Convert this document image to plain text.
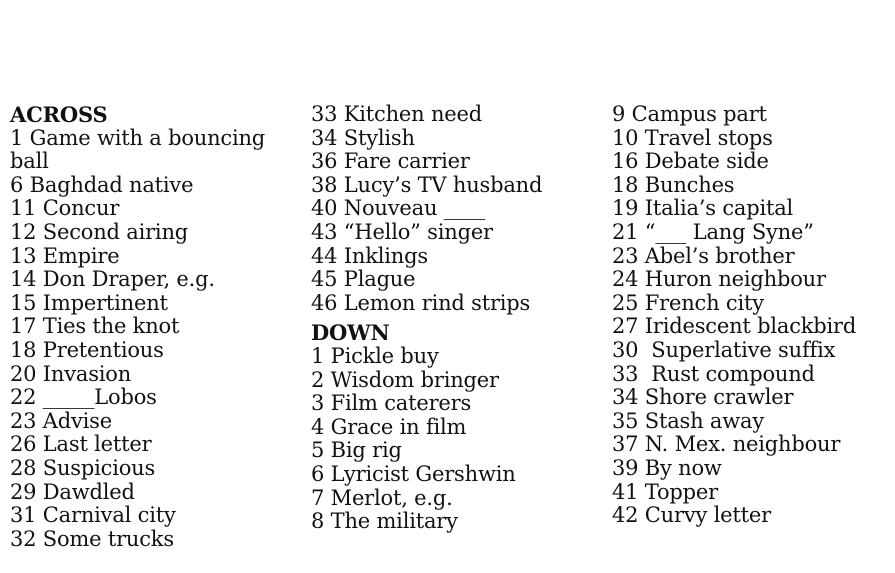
ACROSS
1 Game with a bouncing ball
6 Baghdad native
11 Concur
12 Second airing
13 Empire
14 Don Draper, e.g.
15 Impertinent
17 Ties the knot
18 Pretentious
20 Invasion
22 _____Lobos
23 Advise
26 Last letter
28 Suspicious
29 Dawdled
31 Carnival city
32 Some trucks
33 Kitchen need
34 Stylish
36 Fare carrier
38 Lucy’s TV husband
40 Nouveau ____
43 “Hello” singer
44 Inklings
45 Plague
46 Lemon rind strips
DOWN
1 Pickle buy
2 Wisdom bringer
3 Film caterers
4 Grace in film
5 Big rig
6 Lyricist Gershwin
7 Merlot, e.g.
8 The military
9 Campus part
10 Travel stops
16 Debate side
18 Bunches
19 Italia’s capital
21 “___ Lang Syne”
23 Abel’s brother
24 Huron neighbour
25 French city
27 Iridescent blackbird
30  Superlative suffix
33  Rust compound
34 Shore crawler
35 Stash away
37 N. Mex. neighbour
39 By now
41 Topper
42 Curvy letter
